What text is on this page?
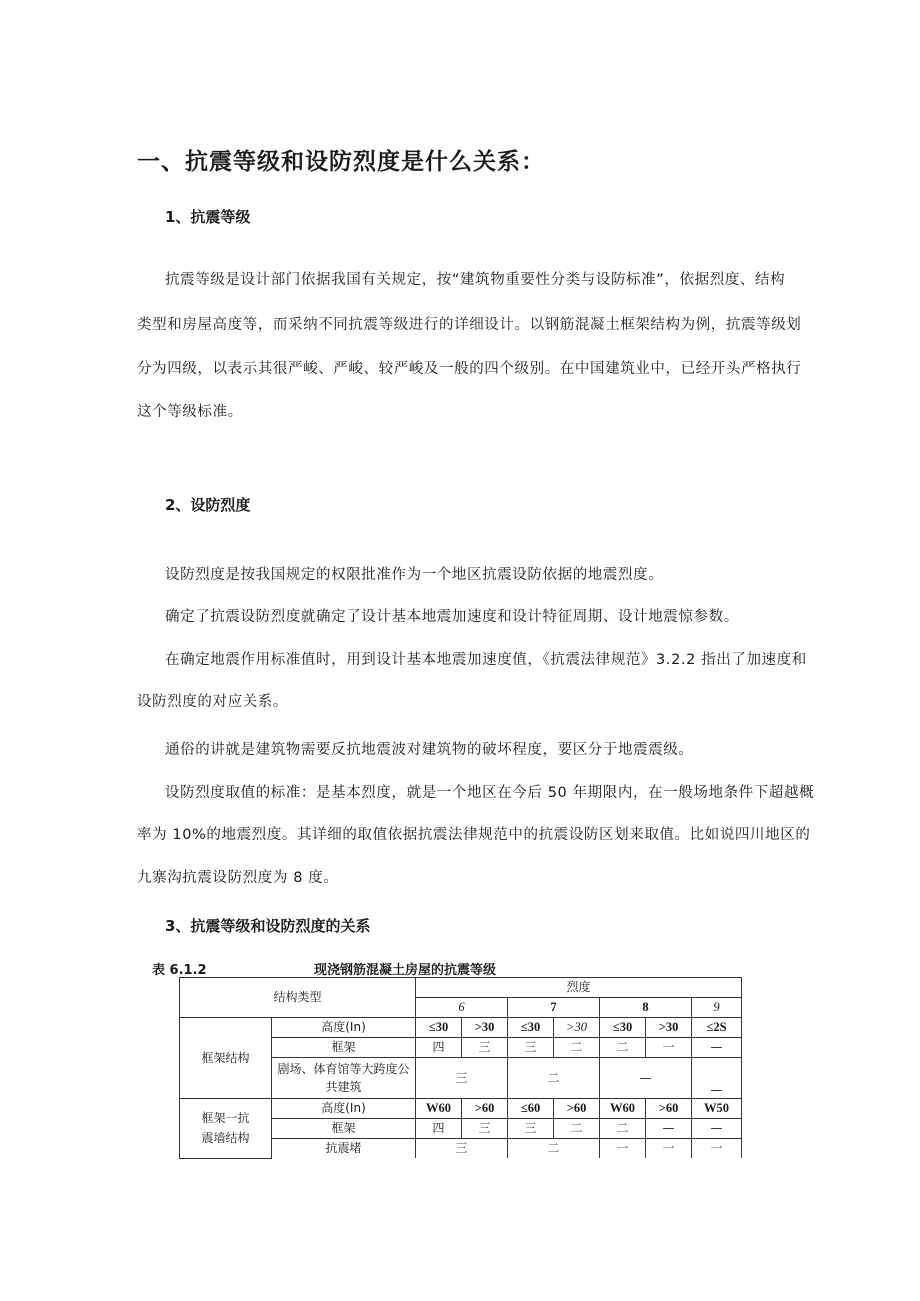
一、抗震等级和设防烈度是什么关系：
1、抗震等级
抗震等级是设计部门依据我国有关规定，按“建筑物重要性分类与设防标准”，依据烈度、结构
类型和房屋高度等，而采纳不同抗震等级进行的详细设计。以钢筋混凝土框架结构为例，抗震等级划
分为四级，以表示其很严峻、严峻、较严峻及一般的四个级别。在中国建筑业中，已经开头严格执行
这个等级标准。
2、设防烈度
设防烈度是按我国规定的权限批准作为一个地区抗震设防依据的地震烈度。
确定了抗震设防烈度就确定了设计基本地震加速度和设计特征周期、设计地震惊参数。
在确定地震作用标准值时，用到设计基本地震加速度值，《抗震法律规范》3.2.2 指出了加速度和
设防烈度的对应关系。
通俗的讲就是建筑物需要反抗地震波对建筑物的破坏程度，要区分于地震震级。
设防烈度取值的标准：是基本烈度，就是一个地区在今后 50 年期限内，在一般场地条件下超越概
率为 10%的地震烈度。其详细的取值依据抗震法律规范中的抗震设防区划来取值。比如说四川地区的
九寨沟抗震设防烈度为 8 度。
3、抗震等级和设防烈度的关系
表 6.1.2	现浇钢筋混凝土房屋的抗震等级
结构类型		烈度						
		6		7		8		9
框架结构	高度(In)	≤30	>30	≤30	>30	≤30	>30	≤2S
	框架	四	三	三	二	二	一	—
	剧场、体育馆等大跨度公
共建筑	三		二		—		—
框架一抗
震墙结构	高度(In)	W60	>60	≤60	>60	W60	>60	W50
	框架	四	三	三	二	二	—	—
	抗震堵	三		二		一	一	一
